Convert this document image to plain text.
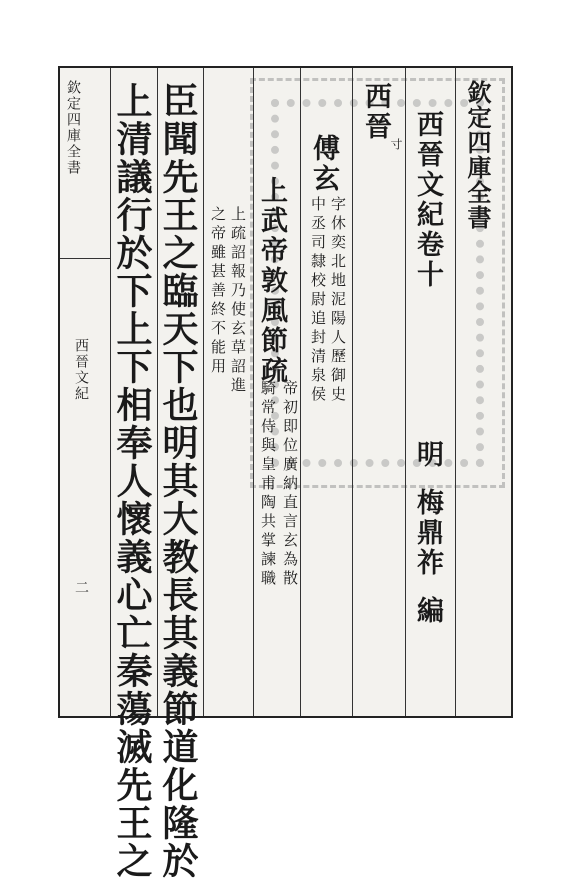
欽定四庫全書
西晉文紀卷十
明
梅鼎祚
編
西晉
寸
傅玄
字休奕北地泥陽人歷御史
中丞司隸校尉追封清泉侯
上武帝敦風節疏
帝初即位廣納直言玄為散
騎常侍與皇甫陶共掌諫職
上疏詔報乃使玄草詔進
之帝雖甚善終不能用
臣聞先王之臨天下也明其大教長其義節道化隆於
上清議行於下上下相奉人懷義心亡秦蕩滅先王之
欽定四庫全書
西晉文紀
二
